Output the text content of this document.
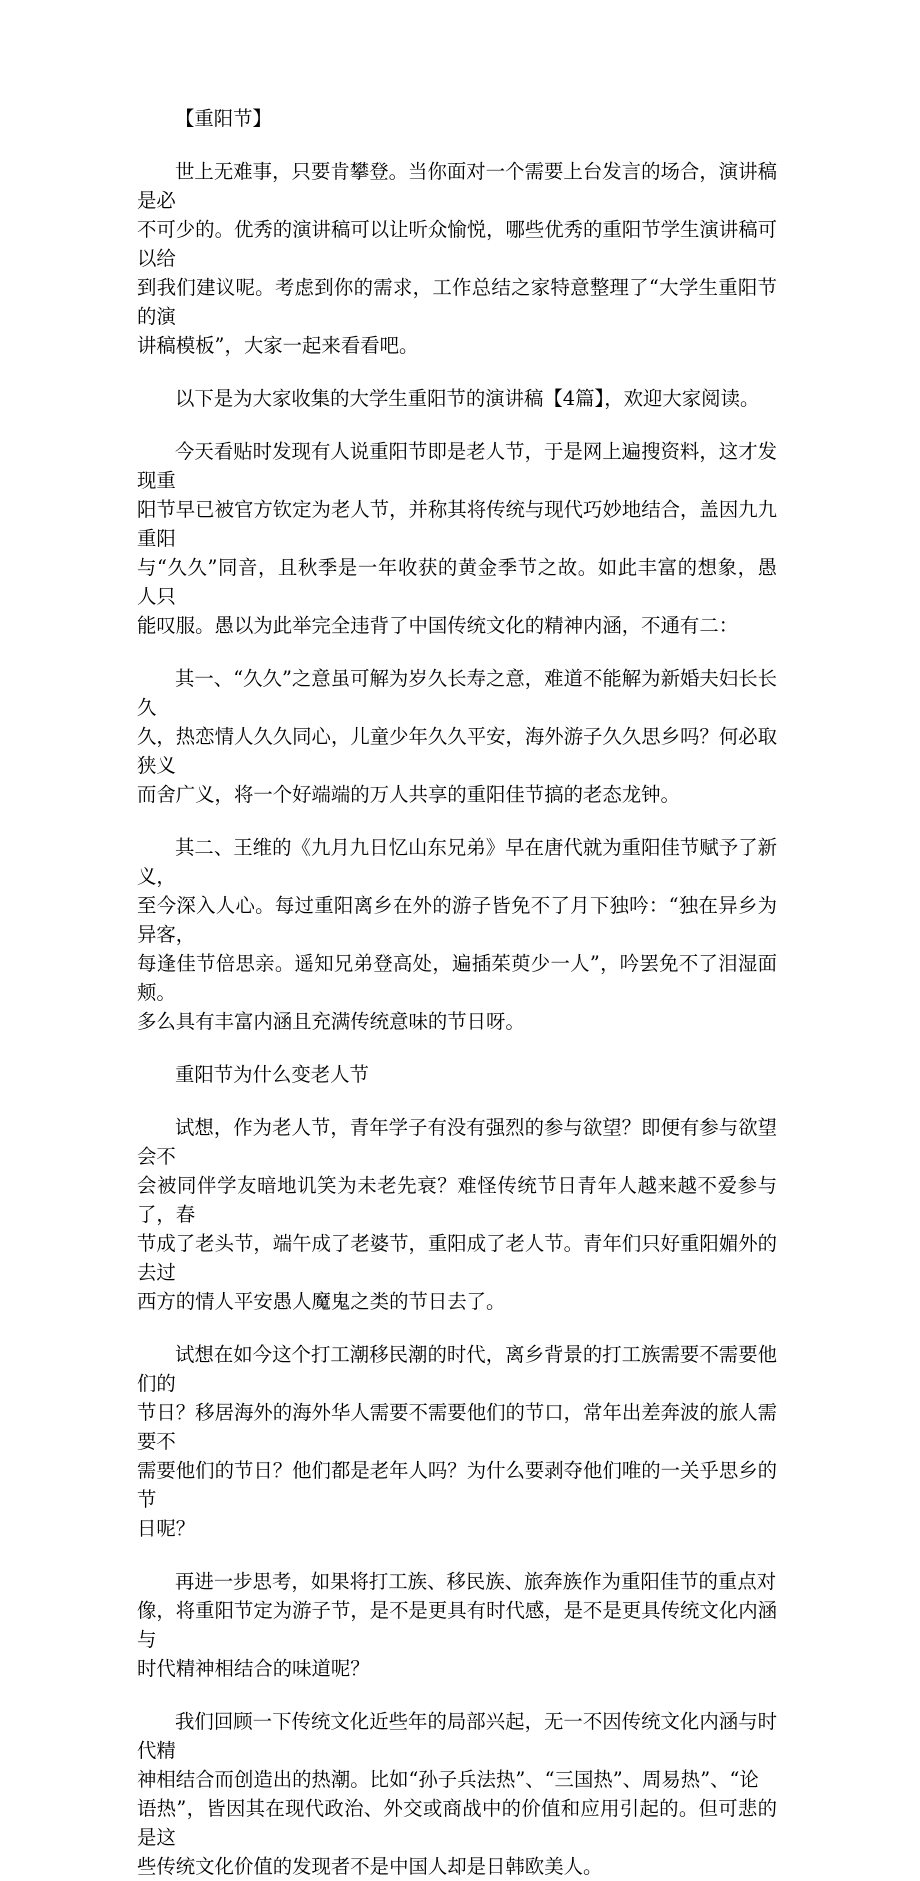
【重阳节】

世上无难事，只要肯攀登。当你面对一个需要上台发言的场合，演讲稿是必
不可少的。优秀的演讲稿可以让听众愉悦，哪些优秀的重阳节学生演讲稿可以给
到我们建议呢。考虑到你的需求，工作总结之家特意整理了“大学生重阳节的演
讲稿模板”，大家一起来看看吧。

以下是为大家收集的大学生重阳节的演讲稿【4篇】，欢迎大家阅读。

今天看贴时发现有人说重阳节即是老人节，于是网上遍搜资料，这才发现重
阳节早已被官方钦定为老人节，并称其将传统与现代巧妙地结合，盖因九九重阳
与“久久”同音，且秋季是一年收获的黄金季节之故。如此丰富的想象，愚人只
能叹服。愚以为此举完全违背了中国传统文化的精神内涵，不通有二：

其一、“久久”之意虽可解为岁久长寿之意，难道不能解为新婚夫妇长长久
久，热恋情人久久同心，儿童少年久久平安，海外游子久久思乡吗？何必取狭义
而舍广义，将一个好端端的万人共享的重阳佳节搞的老态龙钟。

其二、王维的《九月九日忆山东兄弟》早在唐代就为重阳佳节赋予了新义，
至今深入人心。每过重阳离乡在外的游子皆免不了月下独吟：“独在异乡为异客，
每逢佳节倍思亲。遥知兄弟登高处，遍插茱萸少一人”，吟罢免不了泪湿面颊。
多么具有丰富内涵且充满传统意味的节日呀。

重阳节为什么变老人节

试想，作为老人节，青年学子有没有强烈的参与欲望？即便有参与欲望会不
会被同伴学友暗地讥笑为未老先衰？难怪传统节日青年人越来越不爱参与了，春
节成了老头节，端午成了老婆节，重阳成了老人节。青年们只好重阳媚外的去过
西方的情人平安愚人魔鬼之类的节日去了。

试想在如今这个打工潮移民潮的时代，离乡背景的打工族需要不需要他们的
节日？移居海外的海外华人需要不需要他们的节口，常年出差奔波的旅人需要不
需要他们的节日？他们都是老年人吗？为什么要剥夺他们唯的一关乎思乡的节
日呢？

再进一步思考，如果将打工族、移民族、旅奔族作为重阳佳节的重点对
像，将重阳节定为游子节，是不是更具有时代感，是不是更具传统文化内涵与
时代精神相结合的味道呢？

我们回顾一下传统文化近些年的局部兴起，无一不因传统文化内涵与时代精
神相结合而创造出的热潮。比如“孙子兵法热”、“三国热”、周易热”、“论
语热”，皆因其在现代政治、外交或商战中的价值和应用引起的。但可悲的是这
些传统文化价值的发现者不是中国人却是日韩欧美人。
